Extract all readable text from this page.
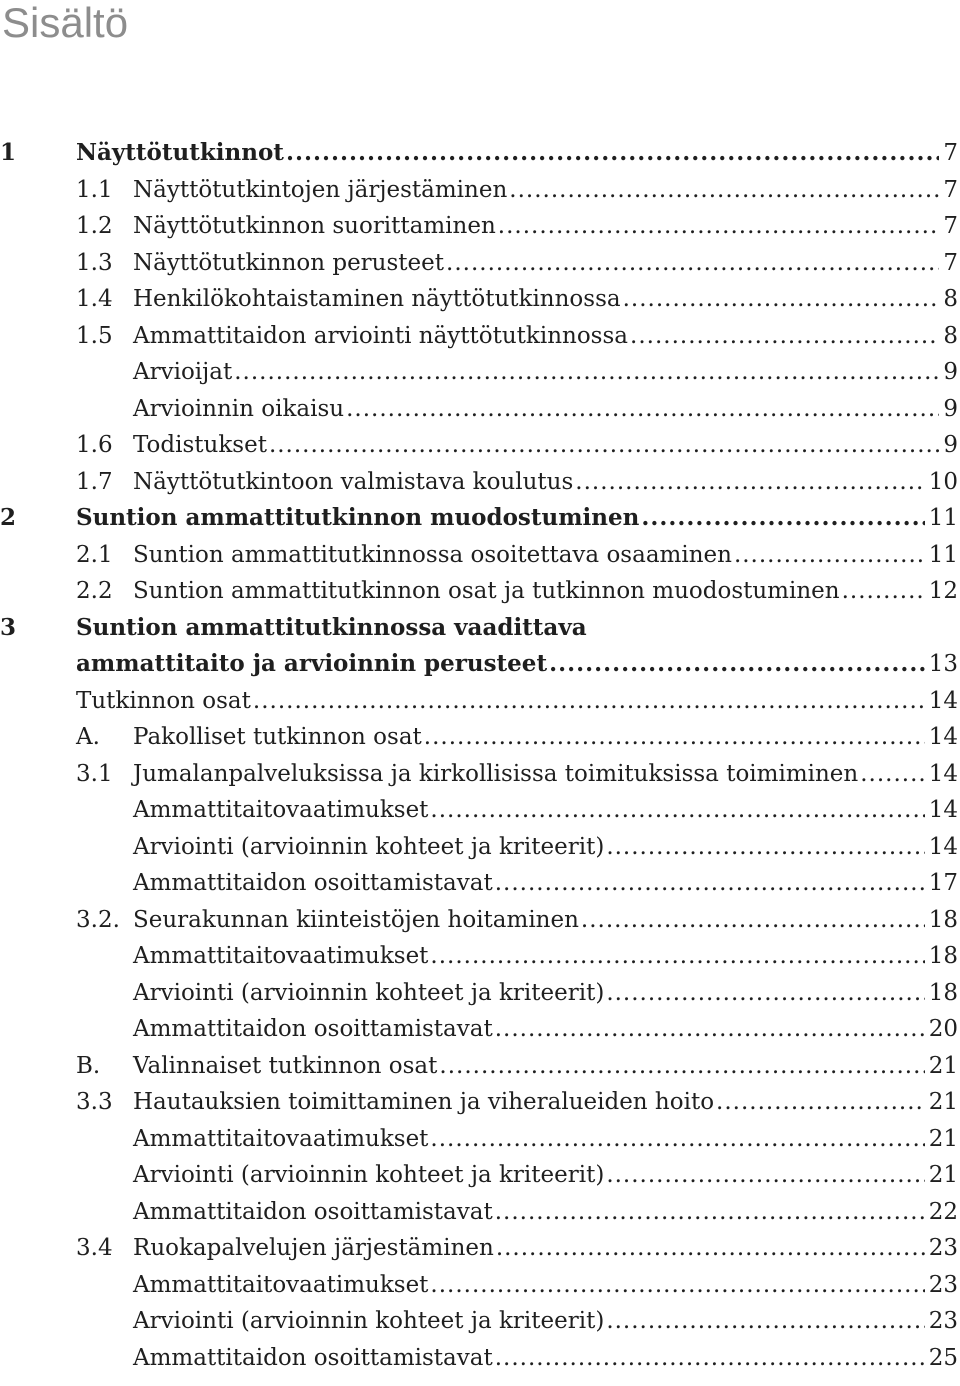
Sisältö
1	Näyttötutkinnot .....	7
1.1 Näyttötutkintojen järjestäminen .....	7
1.2 Näyttötutkinnon suorittaminen .....	7
1.3 Näyttötutkinnon perusteet .....	7
1.4 Henkilökohtaistaminen näyttötutkinnossa .....	8
1.5 Ammattitaidon arviointi näyttötutkinnossa .....	8
Arvioijat .....	9
Arvioinnin oikaisu .....	9
1.6 Todistukset .....	9
1.7 Näyttötutkintoon valmistava koulutus .....	10
2	Suntion ammattitutkinnon muodostuminen .....	11
2.1 Suntion ammattitutkinnossa osoitettava osaaminen .....	11
2.2 Suntion ammattitutkinnon osat ja tutkinnon muodostuminen .....	12
3	Suntion ammattitutkinnossa vaadittava
ammattitaito ja arvioinnin perusteet .....	13
Tutkinnon osat .....	14
A. Pakolliset tutkinnon osat .....	14
3.1 Jumalanpalveluksissa ja kirkollisissa toimituksissa toimiminen .....	14
Ammattitaitovaatimukset .....	14
Arviointi (arvioinnin kohteet ja kriteerit) .....	14
Ammattitaidon osoittamistavat .....	17
3.2. Seurakunnan kiinteistöjen hoitaminen .....	18
Ammattitaitovaatimukset .....	18
Arviointi (arvioinnin kohteet ja kriteerit) .....	18
Ammattitaidon osoittamistavat .....	20
B. Valinnaiset tutkinnon osat .....	21
3.3 Hautauksien toimittaminen ja viheralueiden hoito .....	21
Ammattitaitovaatimukset .....	21
Arviointi (arvioinnin kohteet ja kriteerit) .....	21
Ammattitaidon osoittamistavat .....	22
3.4 Ruokapalvelujen järjestäminen .....	23
Ammattitaitovaatimukset .....	23
Arviointi (arvioinnin kohteet ja kriteerit) .....	23
Ammattitaidon osoittamistavat .....	25
